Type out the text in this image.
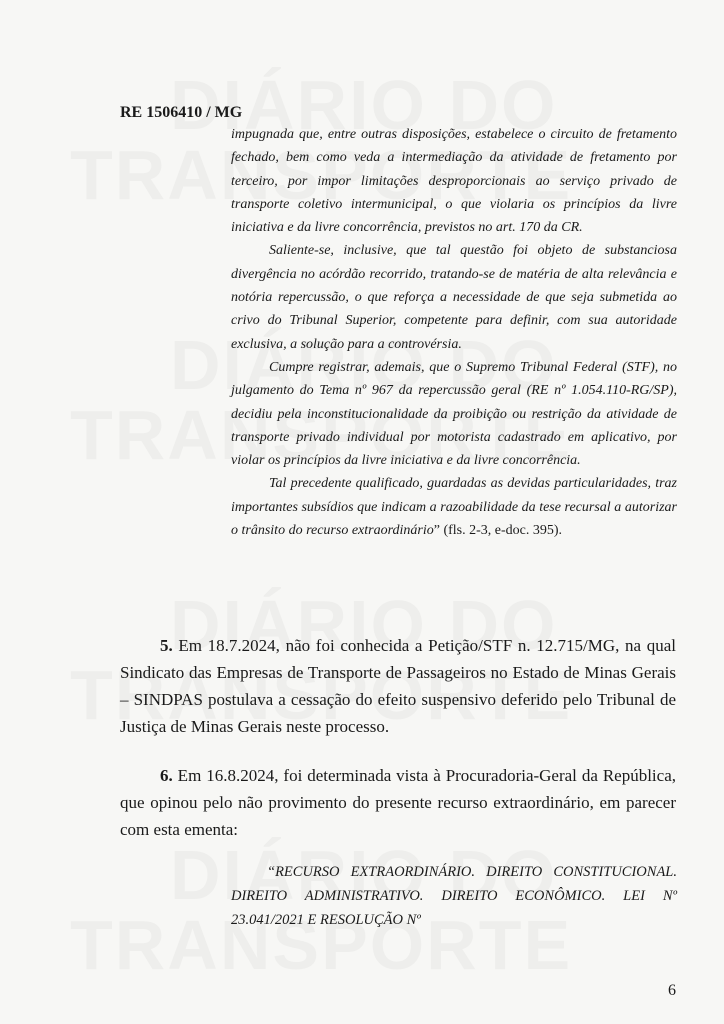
RE 1506410 / MG

impugnada que, entre outras disposições, estabelece o circuito de fretamento fechado, bem como veda a intermediação da atividade de fretamento por terceiro, por impor limitações desproporcionais ao serviço privado de transporte coletivo intermunicipal, o que violaria os princípios da livre iniciativa e da livre concorrência, previstos no art. 170 da CR.

Saliente-se, inclusive, que tal questão foi objeto de substanciosa divergência no acórdão recorrido, tratando-se de matéria de alta relevância e notória repercussão, o que reforça a necessidade de que seja submetida ao crivo do Tribunal Superior, competente para definir, com sua autoridade exclusiva, a solução para a controvérsia.

Cumpre registrar, ademais, que o Supremo Tribunal Federal (STF), no julgamento do Tema nº 967 da repercussão geral (RE nº 1.054.110-RG/SP), decidiu pela inconstitucionalidade da proibição ou restrição da atividade de transporte privado individual por motorista cadastrado em aplicativo, por violar os princípios da livre iniciativa e da livre concorrência.

Tal precedente qualificado, guardadas as devidas particularidades, traz importantes subsídios que indicam a razoabilidade da tese recursal a autorizar o trânsito do recurso extraordinário” (fls. 2-3, e-doc. 395).

5. Em 18.7.2024, não foi conhecida a Petição/STF n. 12.715/MG, na qual Sindicato das Empresas de Transporte de Passageiros no Estado de Minas Gerais – SINDPAS postulava a cessação do efeito suspensivo deferido pelo Tribunal de Justiça de Minas Gerais neste processo.

6. Em 16.8.2024, foi determinada vista à Procuradoria-Geral da República, que opinou pelo não provimento do presente recurso extraordinário, em parecer com esta ementa:

“RECURSO EXTRAORDINÁRIO. DIREITO CONSTITUCIONAL. DIREITO ADMINISTRATIVO. DIREITO ECONÔMICO. LEI Nº 23.041/2021 E RESOLUÇÃO Nº

6
